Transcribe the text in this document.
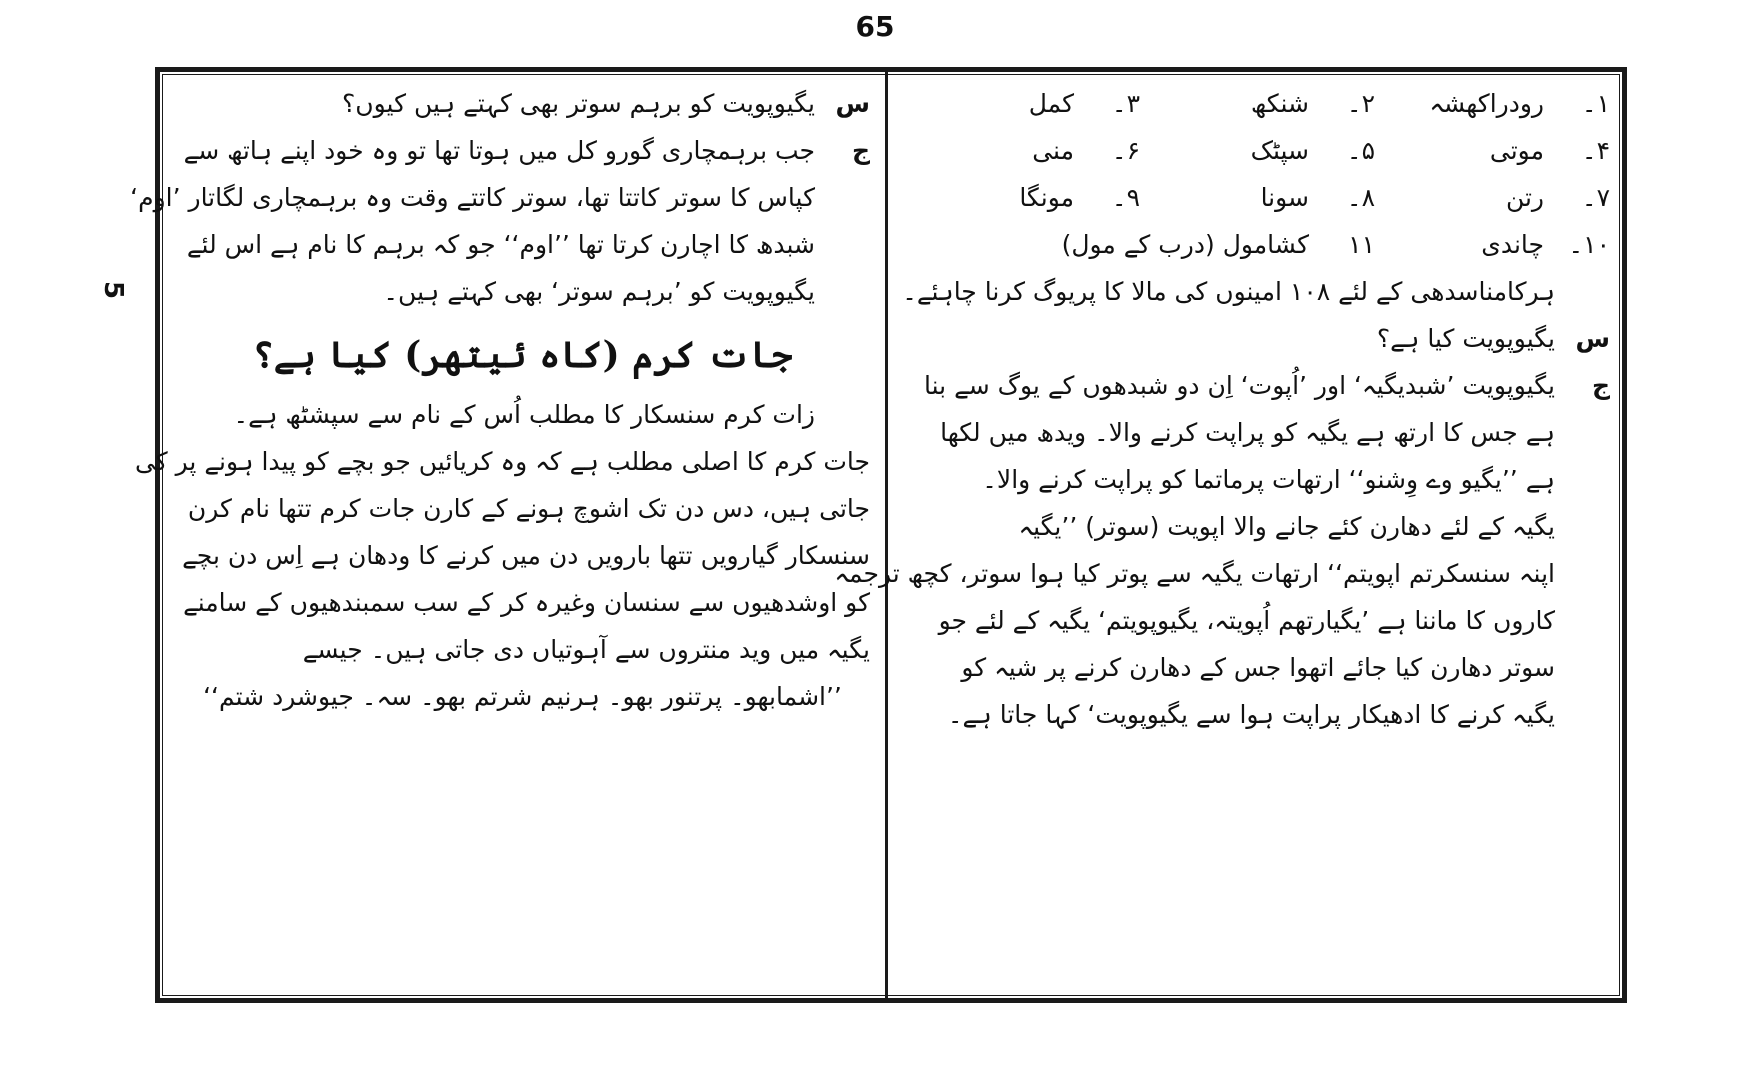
65
5
۱۔
رودراکھشہ
۲۔
شنکھ
۳۔
کمل
۴۔
موتی
۵۔
سپٹک
۶۔
منی
۷۔
رتن
۸۔
سونا
۹۔
مونگا
۱۰۔
چاندی
۱۱
کشامول (درب کے مول)
ہرکامناسدھی کے لئے ۱۰۸ امینوں کی مالا کا پریوگ کرنا چاہئے۔
س
یگیوپویت کیا ہے؟
ج
یگیوپویت ’شبدیگیہ‘ اور ’اُپوت‘ اِن دو شبدھوں کے یوگ سے بنا
ہے جس کا ارتھ ہے یگیہ کو پراپت کرنے والا۔ ویدھ میں لکھا
ہے ’’یگیو وے وِشنو‘‘ ارتھات پرماتما کو پراپت کرنے والا۔
یگیہ کے لئے دھارن کئے جانے والا اپویت (سوتر) ’’یگیہ
اپنہ سنسکرتم اپویتم‘‘ ارتھات یگیہ سے پوتر کیا ہوا سوتر، کچھ ترجمہ
کاروں کا ماننا ہے ’یگیارتھم اُپویتہ، یگیوپویتم‘ یگیہ کے لئے جو
سوتر دھارن کیا جائے اتھوا جس کے دھارن کرنے پر شیہ کو
یگیہ کرنے کا ادھیکار پراپت ہوا سے یگیوپویت‘ کہا جاتا ہے۔
س
یگیوپویت کو برہم سوتر بھی کہتے ہیں کیوں؟
ج
جب برہمچاری گورو کل میں ہوتا تھا تو وہ خود اپنے ہاتھ سے
کپاس کا سوتر کاتتا تھا، سوتر کاتتے وقت وہ برہمچاری لگاتار ’اوم‘
شبدھ کا اچارن کرتا تھا ’’اوم‘‘ جو کہ برہم کا نام ہے اس لئے
یگیوپویت کو ’برہم سوتر‘ بھی کہتے ہیں۔
جات کرم (کاہ ئیتھر) کیا ہے؟
زات کرم سنسکار کا مطلب اُس کے نام سے سپشٹھ ہے۔
جات کرم کا اصلی مطلب ہے کہ وہ کریائیں جو بچے کو پیدا ہونے پر کی
جاتی ہیں، دس دن تک اشوچ ہونے کے کارن جات کرم تتھا نام کرن
سنسکار گیارویں تتھا بارویں دن میں کرنے کا ودھان ہے اِس دن بچے
کو اوشدھیوں سے سنسان وغیرہ کر کے سب سمبندھیوں کے سامنے
یگیہ میں وید منتروں سے آہوتیاں دی جاتی ہیں۔ جیسے
’’اشمابھو۔ پرتنور بھو۔ ہرنیم شرتم بھو۔ سہ۔ جیوشرد شتم‘‘
